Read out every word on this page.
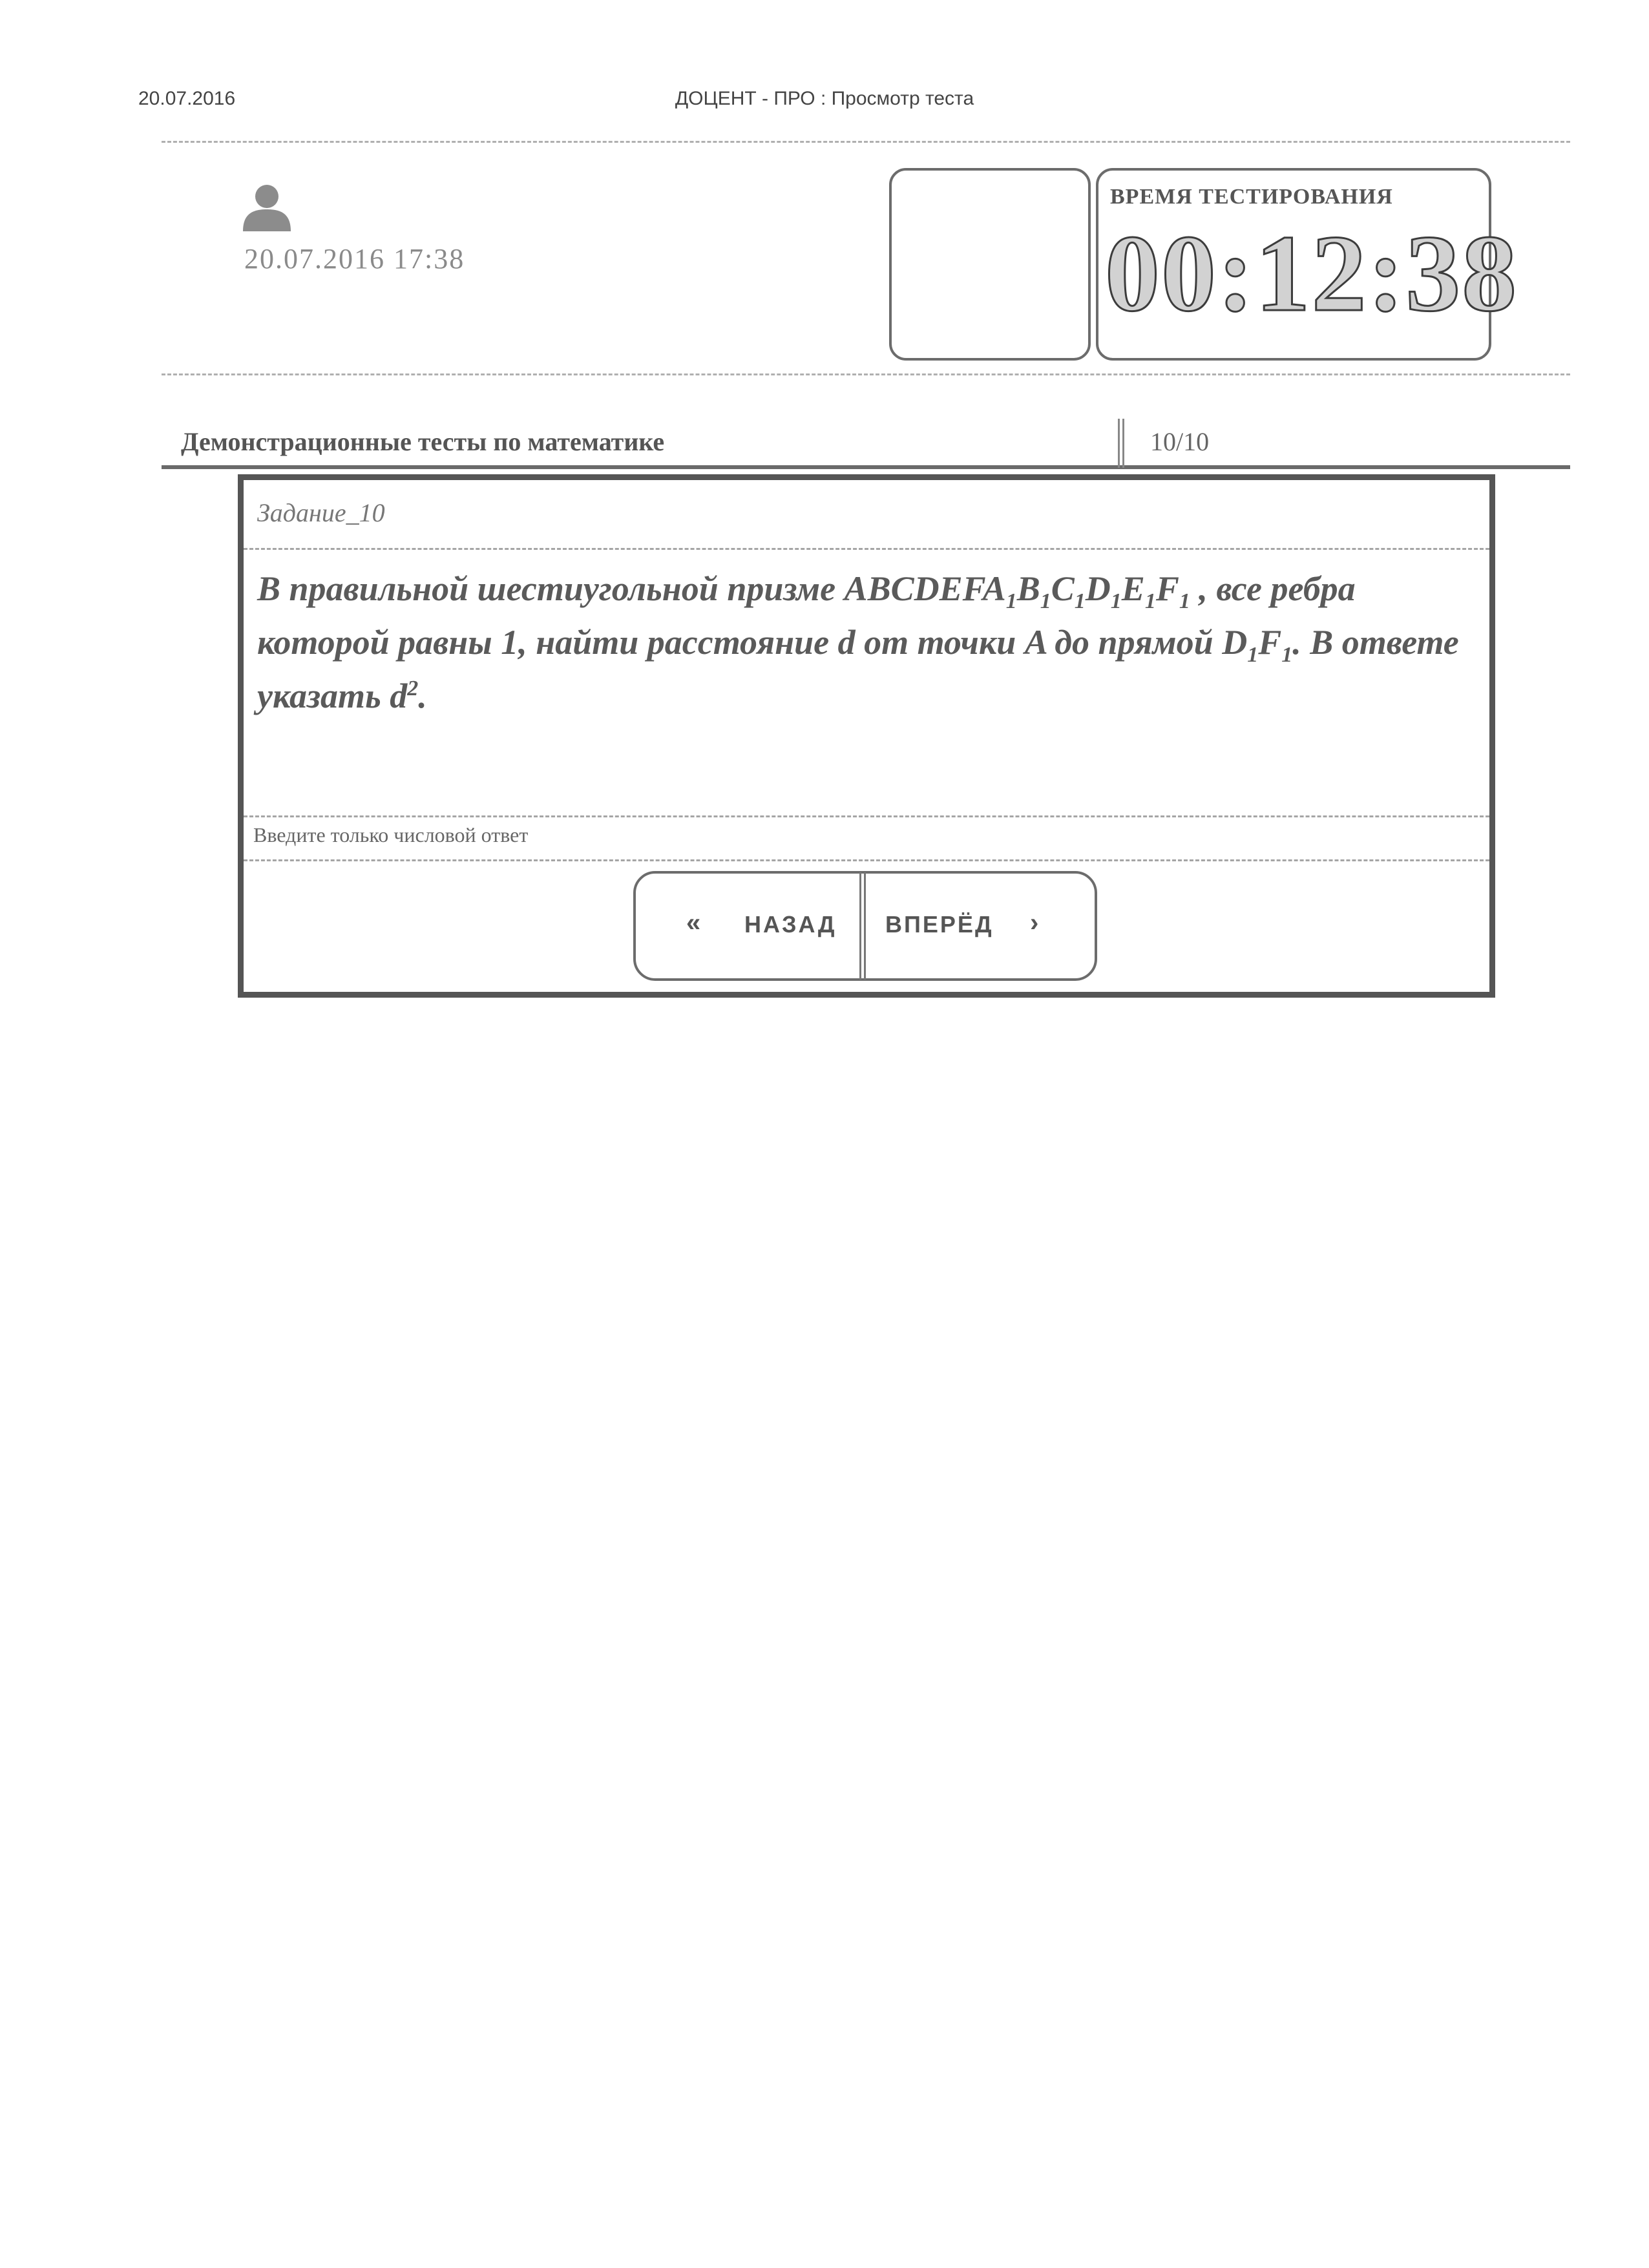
20.07.2016	ДОЦЕНТ - ПРО : Просмотр теста
20.07.2016 17:38
ВРЕМЯ ТЕСТИРОВАНИЯ
00:12:38
Демонстрационные тесты по математике	10/10
Задание_10
В правильной шестиугольной призме $ABCDEFA_1B_1C_1D_1E_1F_1$ , все ребра которой равны 1, найти расстояние d от точки A до прямой $D_1F_1$. В ответе указать $d^2$.
Введите только числовой ответ
« НАЗАД ВПЕРЁД ›
